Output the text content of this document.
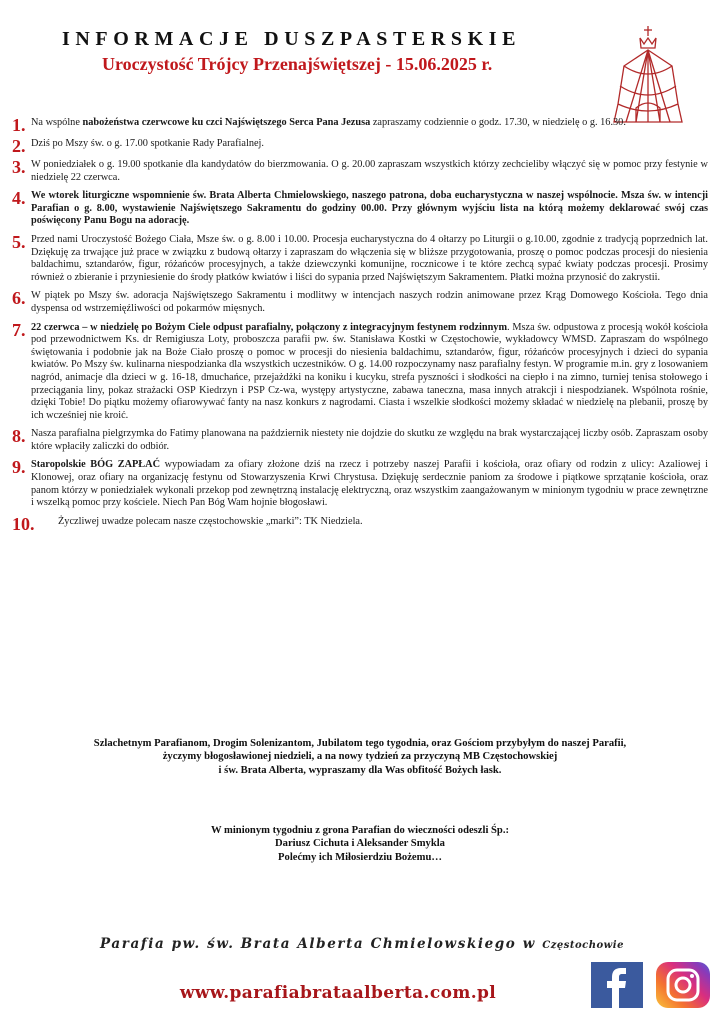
INFORMACJE DUSZPASTERSKIE
Uroczystość Trójcy Przenajświętszej - 15.06.2025 r.
1. Na wspólne nabożeństwa czerwcowe ku czci Najświętszego Serca Pana Jezusa zapraszamy codziennie o godz. 17.30, w niedzielę o g. 16.30.
2. Dziś po Mszy św. o g. 17.00 spotkanie Rady Parafialnej.
3. W poniedziałek o g. 19.00 spotkanie dla kandydatów do bierzmowania. O g. 20.00 zapraszam wszystkich którzy zechcieliby włączyć się w pomoc przy festynie w niedzielę 22 czerwca.
4. We wtorek liturgiczne wspomnienie św. Brata Alberta Chmielowskiego, naszego patrona, doba eucharystyczna w naszej wspólnocie. Msza św. w intencji Parafian o g. 8.00, wystawienie Najświętszego Sakramentu do godziny 00.00. Przy głównym wyjściu lista na którą możemy deklarować swój czas poświęcony Panu Bogu na adorację.
5. Przed nami Uroczystość Bożego Ciała, Msze św. o g. 8.00 i 10.00. Procesja eucharystyczna do 4 ołtarzy po Liturgii o g.10.00, zgodnie z tradycją poprzednich lat. Dziękuję za trwające już prace w związku z budową ołtarzy i zapraszam do włączenia się w bliższe przygotowania, proszę o pomoc podczas procesji do niesienia baldachimu, sztandarów, figur, różańców procesyjnych, a także dziewczynki komunijne, rocznicowe i te które zechcą sypać kwiaty podczas procesji. Prosimy również o zbieranie i przyniesienie do środy płatków kwiatów i liści do sypania przed Najświętszym Sakramentem. Płatki można przynosić do zakrystii.
6. W piątek po Mszy św. adoracja Najświętszego Sakramentu i modlitwy w intencjach naszych rodzin animowane przez Krąg Domowego Kościoła. Tego dnia dyspensa od wstrzemięźliwości od pokarmów mięsnych.
7. 22 czerwca – w niedzielę po Bożym Ciele odpust parafialny, połączony z integracyjnym festynem rodzinnym. Msza św. odpustowa z procesją wokół kościoła pod przewodnictwem Ks. dr Remigiusza Loty, proboszcza parafii pw. św. Stanisława Kostki w Częstochowie, wykładowcy WMSD. Zapraszam do wspólnego świętowania i podobnie jak na Boże Ciało proszę o pomoc w procesji do niesienia baldachimu, sztandarów, figur, różańców procesyjnych i dzieci do sypania kwiatów. Po Mszy św. kulinarna niespodzianka dla wszystkich uczestników. O g. 14.00 rozpoczynamy nasz parafialny festyn. W programie m.in. gry z losowaniem nagród, animacje dla dzieci w g. 16-18, dmuchańce, przejażdżki na koniku i kucyku, strefa pyszności i słodkości na ciepło i na zimno, turniej tenisa stołowego i przeciągania liny, pokaz strażacki OSP Kiedrzyn i PSP Cz-wa, występy artystyczne, zabawa taneczna, masa innych atrakcji i niespodzianek. Wspólnota rośnie, dzięki Tobie! Do piątku możemy ofiarowywać fanty na nasz konkurs z nagrodami. Ciasta i wszelkie słodkości możemy składać w niedzielę na plebanii, proszę by ich wcześniej nie kroić.
8. Nasza parafialna pielgrzymka do Fatimy planowana na październik niestety nie dojdzie do skutku ze względu na brak wystarczającej liczby osób. Zapraszam osoby które wpłaciły zaliczki do odbiór.
9. Staropolskie BÓG ZAPŁAĆ wypowiadam za ofiary złożone dziś na rzecz i potrzeby naszej Parafii i kościoła, oraz ofiary od rodzin z ulicy: Azaliowej i Klonowej, oraz ofiary na organizację festynu od Stowarzyszenia Krwi Chrystusa. Dziękuję serdecznie paniom za środowe i piątkowe sprzątanie kościoła, oraz panom którzy w poniedziałek wykonali przekop pod zewnętrzną instalację elektryczną, oraz wszystkim zaangażowanym w minionym tygodniu w prace zewnętrzne i wszelką pomoc przy kościele. Niech Pan Bóg Wam hojnie błogosławi.
10.	Życzliwej uwadze polecam nasze częstochowskie „marki”: TK Niedziela.
Szlachetnym Parafianom, Drogim Solenizantom, Jubilatom tego tygodnia, oraz Gościom przybyłym do naszej Parafii,
życzymy błogosławionej niedzieli, a na nowy tydzień za przyczyną MB Częstochowskiej
i św. Brata Alberta, wypraszamy dla Was obfitość Bożych łask.
W minionym tygodniu z grona Parafian do wieczności odeszli Śp.:
Dariusz Cichuta i Aleksander Smykla
Polećmy ich Miłosierdziu Bożemu…
Parafia pw. św. Brata Alberta Chmielowskiego w Częstochowie
www.parafiabrataalberta.com.pl
